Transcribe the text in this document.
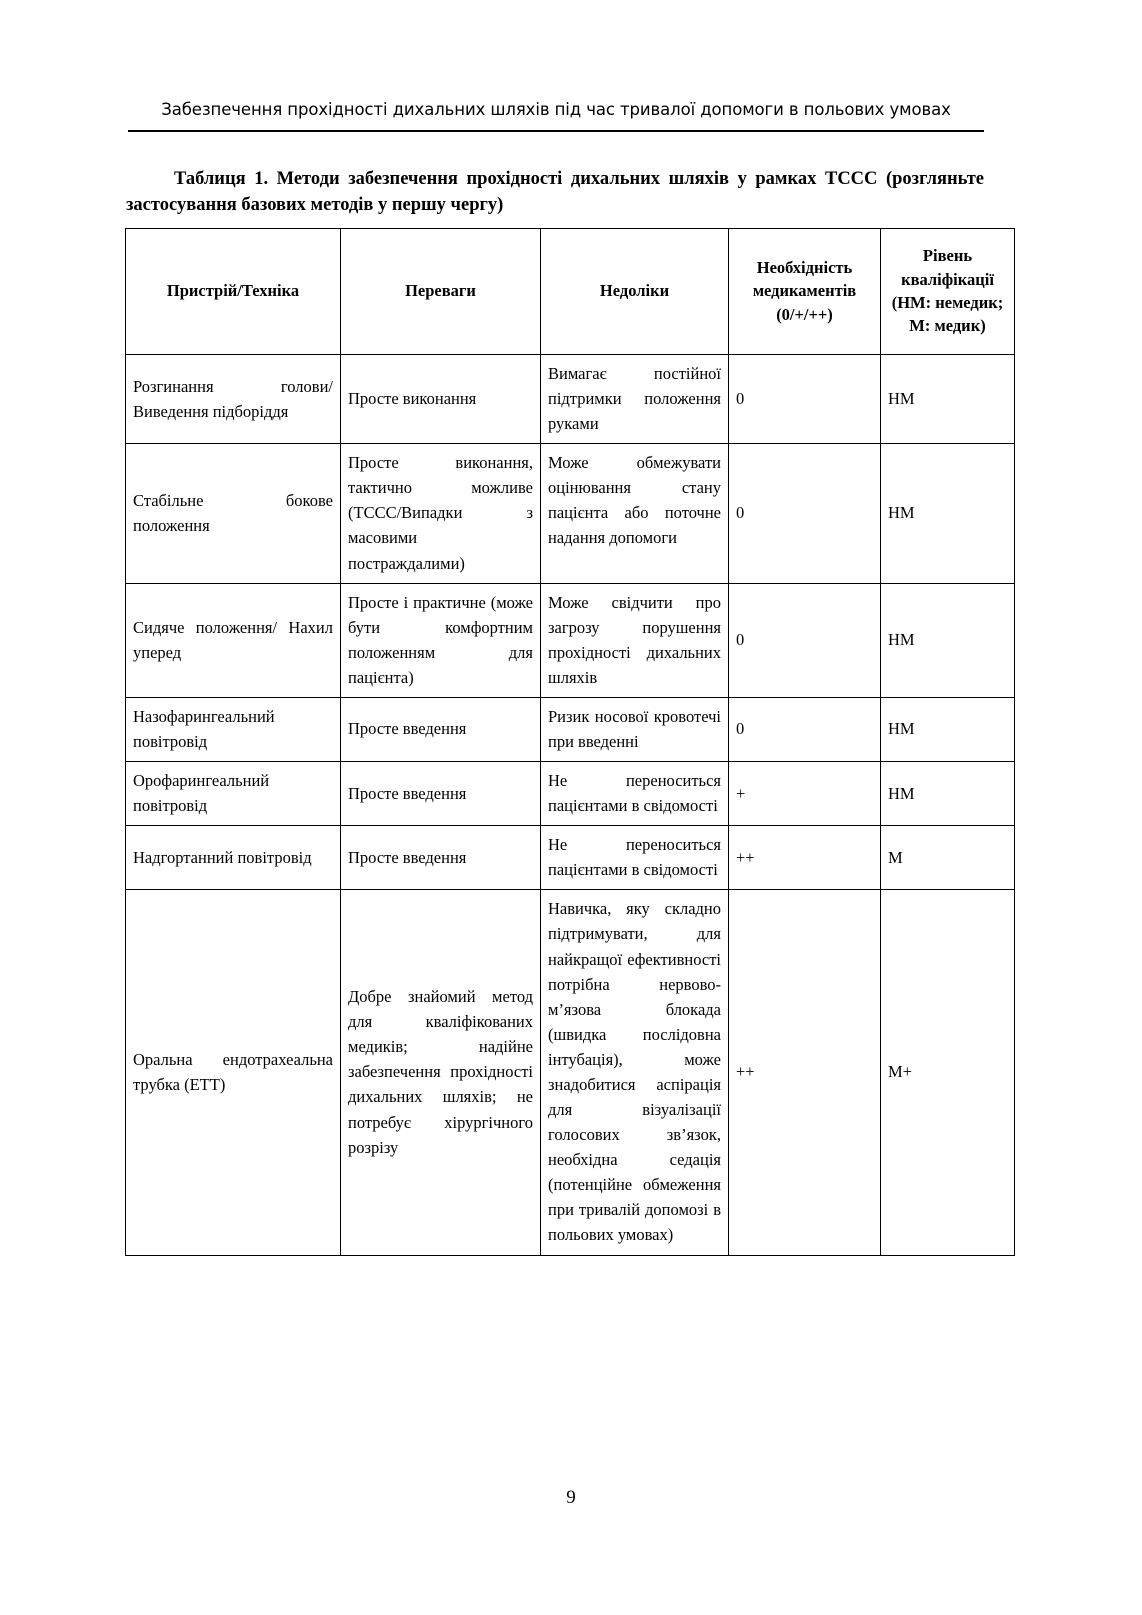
Забезпечення прохідності дихальних шляхів під час тривалої допомоги в польових умовах
Таблиця 1. Методи забезпечення прохідності дихальних шляхів у рамках ТССС (розгляньте застосування базових методів у першу чергу)
Пристрій/Техніка	Переваги	Недоліки	Необхідність медикаментів (0/+/++)	Рівень кваліфікації (НМ: немедик; М: медик)
Розгинання голови/ Виведення підборіддя	Просте виконання	Вимагає постійної підтримки положення руками	0	НМ
Стабільне бокове положення	Просте виконання, тактично можливе (ТССС/Випадки з масовими постраждалими)	Може обмежувати оцінювання стану пацієнта або поточне надання допомоги	0	НМ
Сидяче положення/ Нахил уперед	Просте і практичне (може бути комфортним положенням для пацієнта)	Може свідчити про загрозу порушення прохідності дихальних шляхів	0	НМ
Назофарингеальний повітровід	Просте введення	Ризик носової кровотечі при введенні	0	НМ
Орофарингеальний повітровід	Просте введення	Не переноситься пацієнтами в свідомості	+	НМ
Надгортанний повітровід	Просте введення	Не переноситься пацієнтами в свідомості	++	М
Оральна ендотрахеальна трубка (ЕТТ)	Добре знайомий метод для кваліфікованих медиків; надійне забезпечення прохідності дихальних шляхів; не потребує хірургічного розрізу	Навичка, яку складно підтримувати, для найкращої ефективності потрібна нервово-м’язова блокада (швидка послідовна інтубація), може знадобитися аспірація для візуалізації голосових зв’язок, необхідна седація (потенційне обмеження при тривалій допомозі в польових умовах)	++	М+
9
